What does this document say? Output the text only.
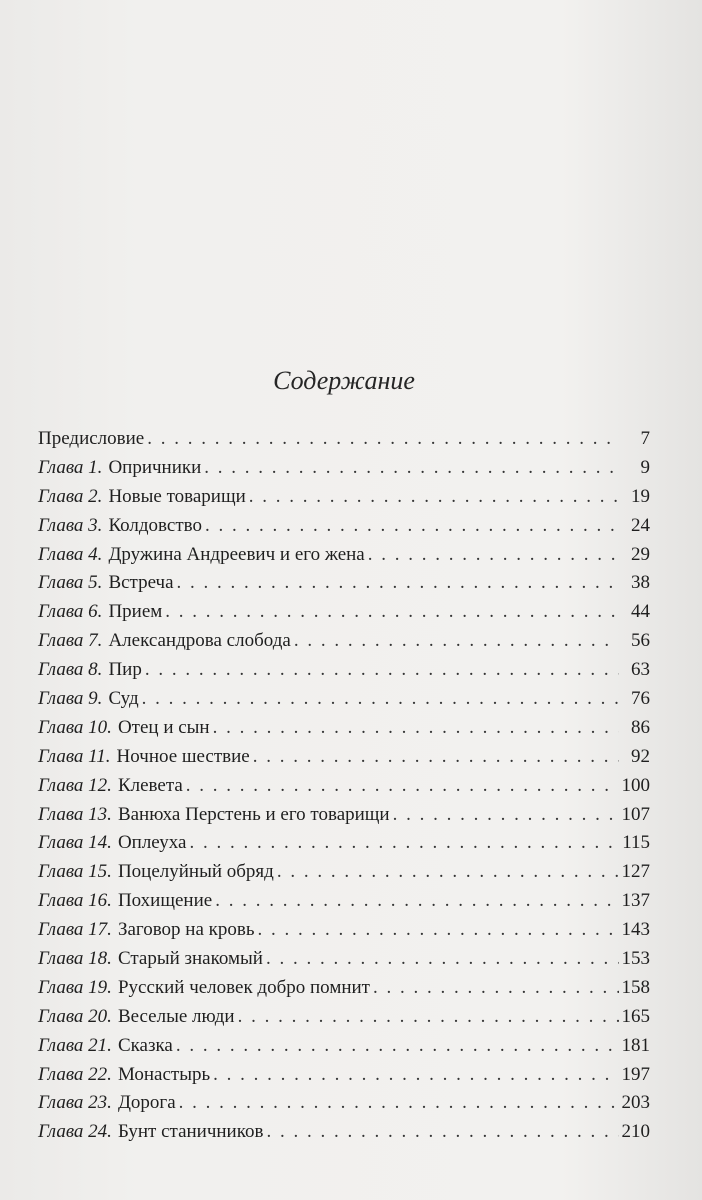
Содержание
Предисловие . . .	7
Глава 1. Опричники . . .	9
Глава 2. Новые товарищи . . .	19
Глава 3. Колдовство . . .	24
Глава 4. Дружина Андреевич и его жена . . .	29
Глава 5. Встреча . . .	38
Глава 6. Прием . . .	44
Глава 7. Александрова слобода . . .	56
Глава 8. Пир . . .	63
Глава 9. Суд . . .	76
Глава 10. Отец и сын . . .	86
Глава 11. Ночное шествие . . .	92
Глава 12. Клевета . . .	100
Глава 13. Ванюха Перстень и его товарищи . . .	107
Глава 14. Оплеуха . . .	115
Глава 15. Поцелуйный обряд . . .	127
Глава 16. Похищение . . .	137
Глава 17. Заговор на кровь . . .	143
Глава 18. Старый знакомый . . .	153
Глава 19. Русский человек добро помнит . . .	158
Глава 20. Веселые люди . . .	165
Глава 21. Сказка . . .	181
Глава 22. Монастырь . . .	197
Глава 23. Дорога . . .	203
Глава 24. Бунт станичников . . .	210
